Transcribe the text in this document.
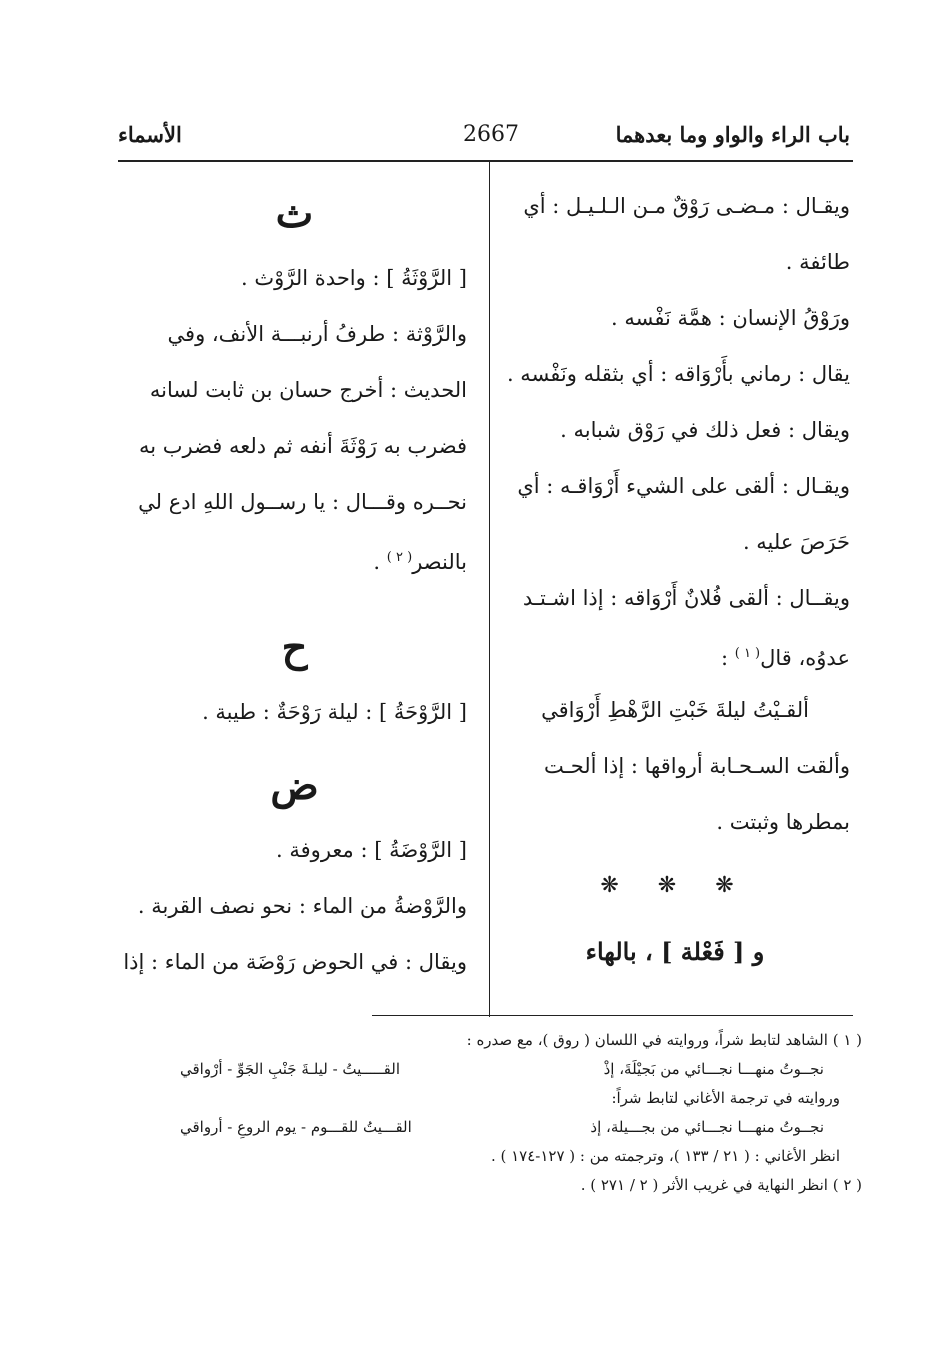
باب الراء والواو وما بعدهما
2667
الأسماء
ويقـال : مـضـى رَوْقٌ مـن الـلـيـل : أي
طائفة .
ورَوْقُ الإنسان : همَّة نَفْسه .
يقال : رماني بأَرْوَاقه : أي بثقله ونَفْسه .
ويقال : فعل ذلك في رَوْق شبابه .
ويقـال : ألقى على الشيء أَرْوَاقـه : أي
حَرَصَ عليه .
ويقــال : ألقى فُلانٌ أَرْوَاقه : إذا اشـتـد
عدوُه، قال$^{( ١ )}$ :
ألقـيْتُ ليلةَ خَبْتِ الرَّهْطِ أَرْوَاقي
وألقت السـحـابة أرواقها : إذا ألحـت
بمطرها وثبتت .
❋ ❋ ❋
و [ فَعْلة ] ، بالهاء
ث
[ الرَّوْثَةُ ] : واحدة الرَّوْث .
والرَّوْثة : طرفُ أرنبـــة الأنف، وفي
الحديث : أخرج حسان بن ثابت لسانه
فضرب به رَوْثَةَ أنفه ثم دلعه فضرب به
نحــره وقـــال : يا رســول اللهِ ادع لي
بالنصر$^{( ٢ )}$ .
ح
[ الرَّوْحَةُ ] : ليلة رَوْحَةٌ : طيبة .
ض
[ الرَّوْضَةُ ] : معروفة .
والرَّوْضةُ من الماء : نحو نصف القربة .
ويقال : في الحوض رَوْضَة من الماء : إذا
( ١ ) الشاهد لتابط شراً، وروايته في اللسان ( روق )، مع صدره :
نجــوتُ منهـــا نجـــائي من بَجيْلَةَ، إذْ
القـــــيتُ - ليلـةَ جَنْبِ الجَوِّ - أرْواقي
وروايته في ترجمة الأغاني لتابط شراً:
نجــوتُ منهـــا نجـــائي من بجـــيلة، إذ
القـــيتُ للقـــوم - يوم الروعِ - أرواقي
انظر الأغاني : ( ٢١ / ١٣٣ )، وترجمته من : ( ١٢٧-١٧٤ ) .
( ٢ ) انظر النهاية في غريب الأثر ( ٢ / ٢٧١ ) .
